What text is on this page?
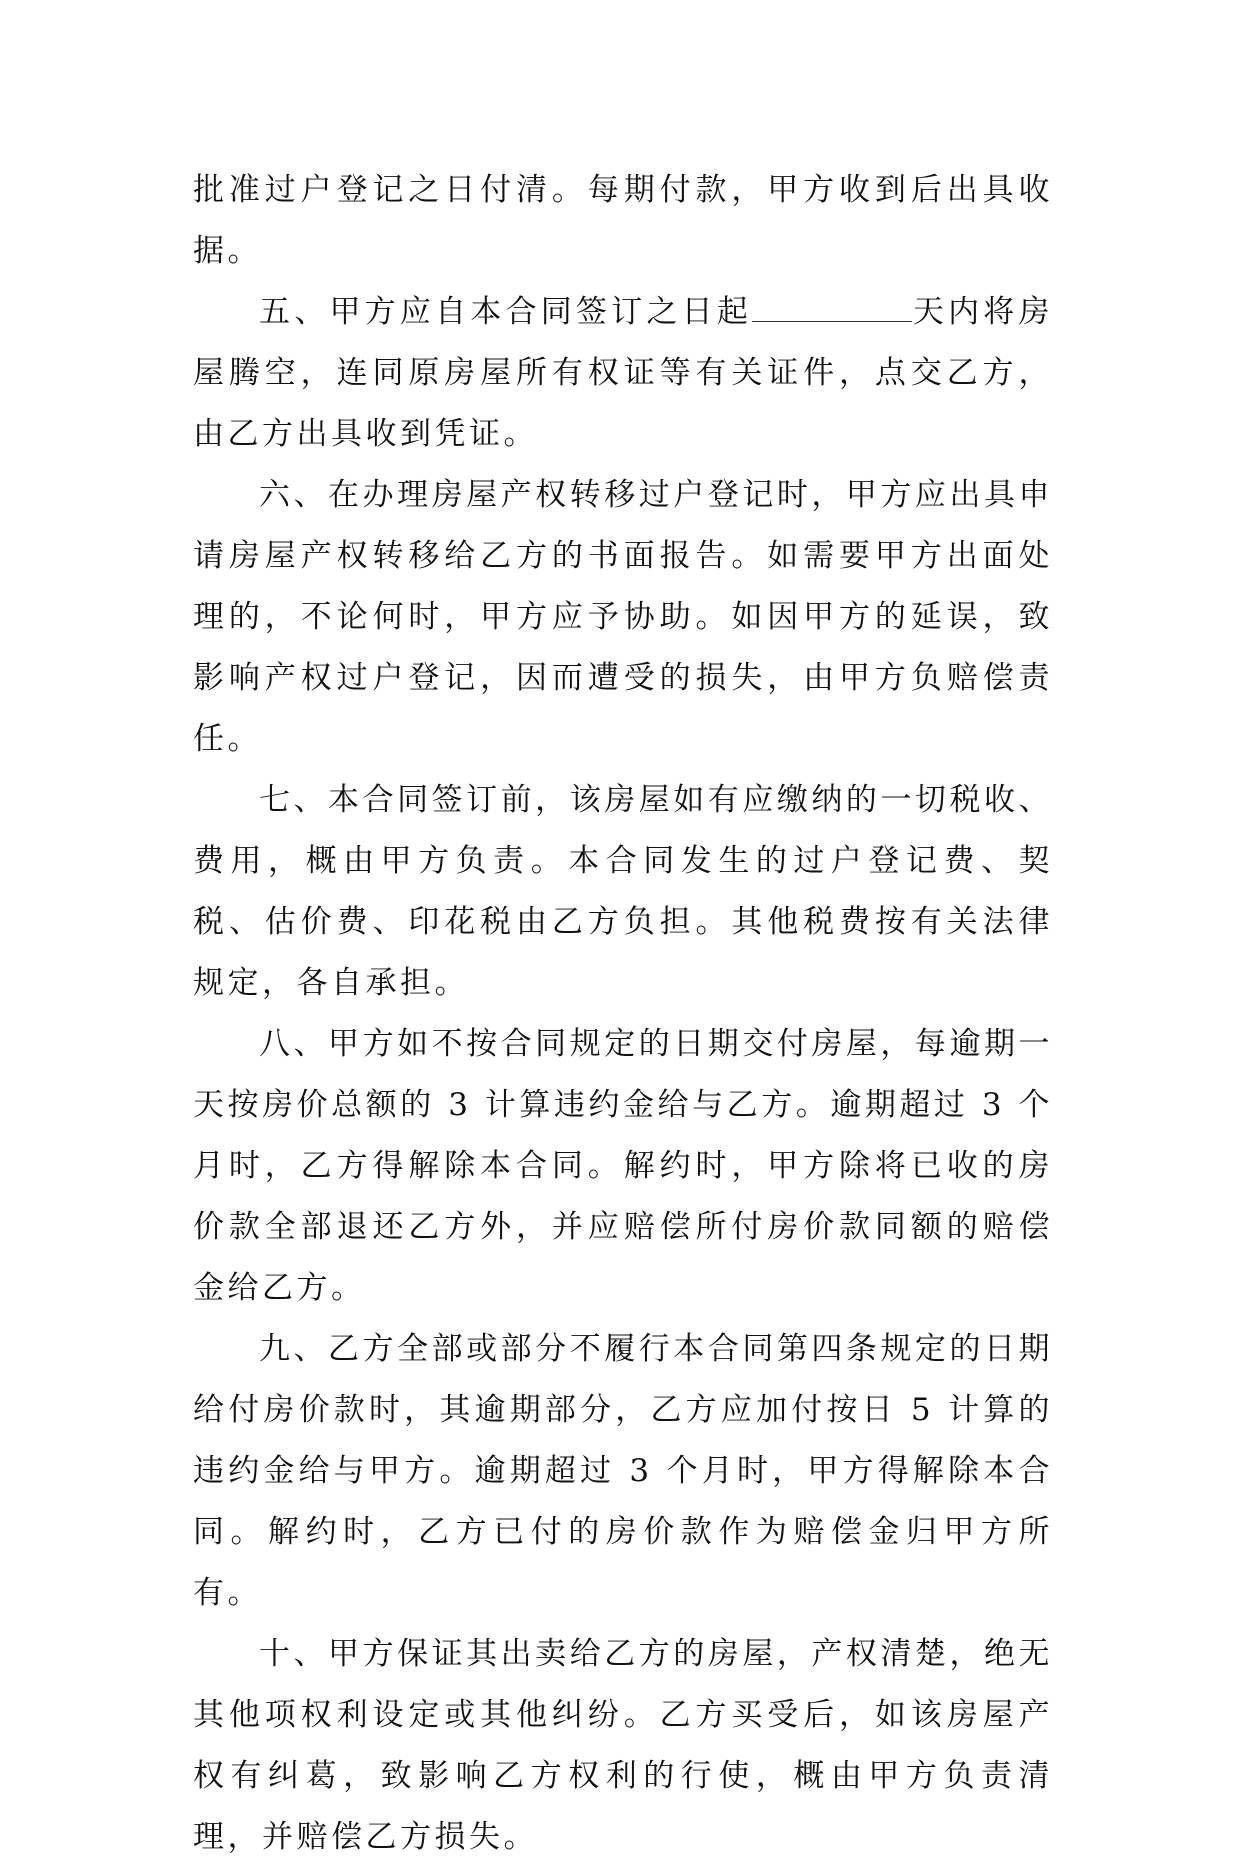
批准过户登记之日付清。每期付款，甲方收到后出具收据。

五、甲方应自本合同签订之日起	天内将房屋腾空，连同原房屋所有权证等有关证件，点交乙方，由乙方出具收到凭证。

六、在办理房屋产权转移过户登记时，甲方应出具申请房屋产权转移给乙方的书面报告。如需要甲方出面处理的，不论何时，甲方应予协助。如因甲方的延误，致影响产权过户登记，因而遭受的损失，由甲方负赔偿责任。

七、本合同签订前，该房屋如有应缴纳的一切税收、费用，概由甲方负责。本合同发生的过户登记费、契税、估价费、印花税由乙方负担。其他税费按有关法律规定，各自承担。

八、甲方如不按合同规定的日期交付房屋，每逾期一天按房价总额的 3 计算违约金给与乙方。逾期超过 3 个月时，乙方得解除本合同。解约时，甲方除将已收的房价款全部退还乙方外，并应赔偿所付房价款同额的赔偿金给乙方。

九、乙方全部或部分不履行本合同第四条规定的日期给付房价款时，其逾期部分，乙方应加付按日 5 计算的违约金给与甲方。逾期超过 3 个月时，甲方得解除本合同。解约时，乙方已付的房价款作为赔偿金归甲方所有。

十、甲方保证其出卖给乙方的房屋，产权清楚，绝无其他项权利设定或其他纠纷。乙方买受后，如该房屋产权有纠葛，致影响乙方权利的行使，概由甲方负责清理，并赔偿乙方损失。
